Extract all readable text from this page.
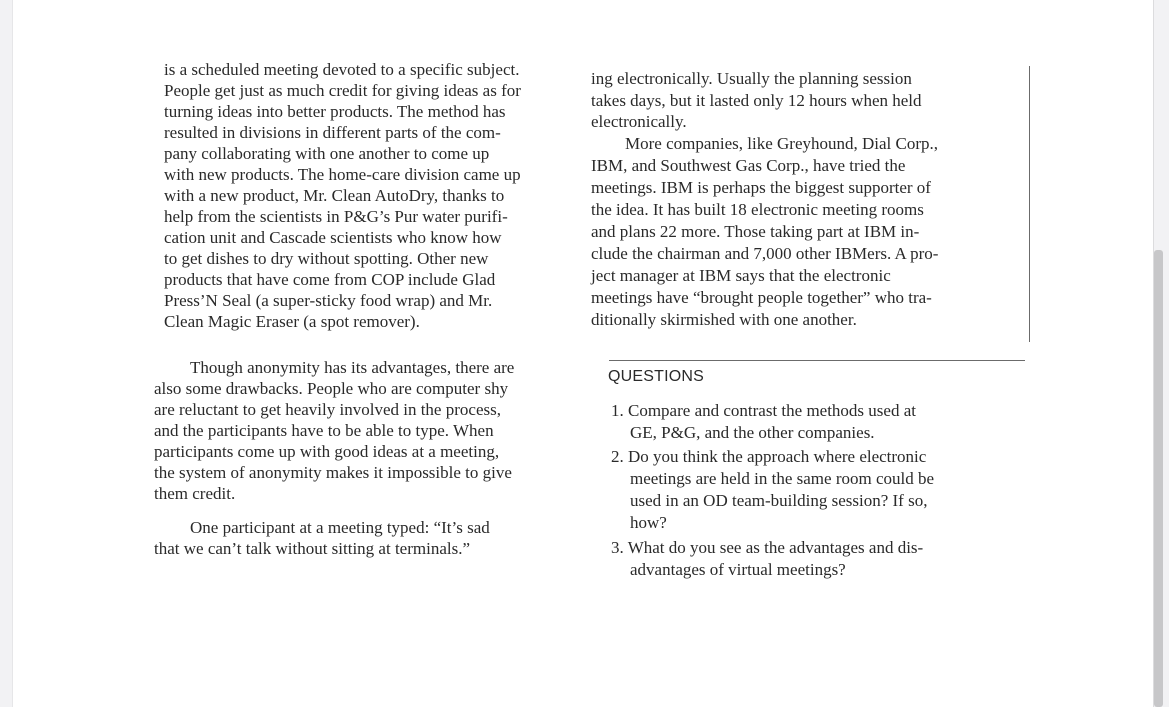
is a scheduled meeting devoted to a specific subject.
People get just as much credit for giving ideas as for
turning ideas into better products. The method has
resulted in divisions in different parts of the com-
pany collaborating with one another to come up
with new products. The home-care division came up
with a new product, Mr. Clean AutoDry, thanks to
help from the scientists in P&G’s Pur water purifi-
cation unit and Cascade scientists who know how
to get dishes to dry without spotting. Other new
products that have come from COP include Glad
Press’N Seal (a super-sticky food wrap) and Mr.
Clean Magic Eraser (a spot remover).
Though anonymity has its advantages, there are
also some drawbacks. People who are computer shy
are reluctant to get heavily involved in the process,
and the participants have to be able to type. When
participants come up with good ideas at a meeting,
the system of anonymity makes it impossible to give
them credit.
One participant at a meeting typed: “It’s sad
that we can’t talk without sitting at terminals.”
ing electronically. Usually the planning session
takes days, but it lasted only 12 hours when held
electronically.
More companies, like Greyhound, Dial Corp.,
IBM, and Southwest Gas Corp., have tried the
meetings. IBM is perhaps the biggest supporter of
the idea. It has built 18 electronic meeting rooms
and plans 22 more. Those taking part at IBM in-
clude the chairman and 7,000 other IBMers. A pro-
ject manager at IBM says that the electronic
meetings have “brought people together” who tra-
ditionally skirmished with one another.
QUESTIONS
1. Compare and contrast the methods used at
GE, P&G, and the other companies.
2. Do you think the approach where electronic
meetings are held in the same room could be
used in an OD team-building session? If so,
how?
3. What do you see as the advantages and dis-
advantages of virtual meetings?
